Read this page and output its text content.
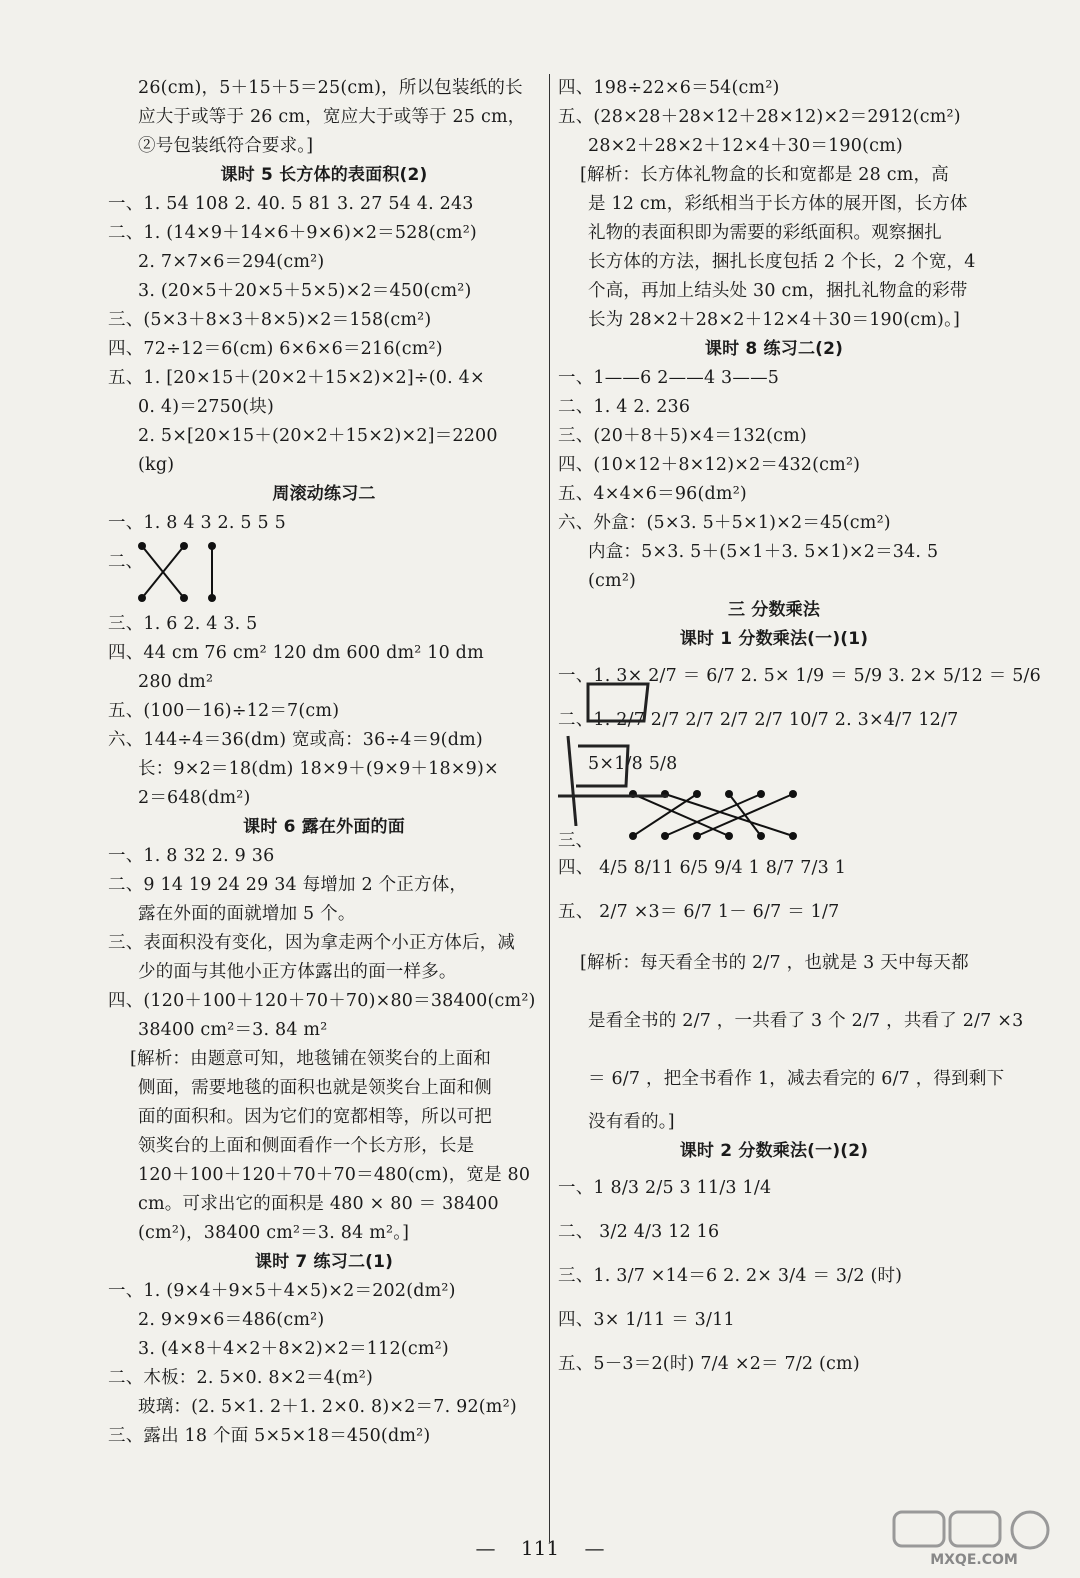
26(cm)，5＋15＋5＝25(cm)，所以包装纸的长
应大于或等于 26 cm，宽应大于或等于 25 cm，
②号包装纸符合要求。]
课时 5 长方体的表面积(2)
一、1. 54 108 2. 40. 5 81 3. 27 54 4. 243
二、1. (14×9＋14×6＋9×6)×2＝528(cm²)
2. 7×7×6＝294(cm²)
3. (20×5＋20×5＋5×5)×2＝450(cm²)
三、(5×3＋8×3＋8×5)×2＝158(cm²)
四、72÷12＝6(cm) 6×6×6＝216(cm²)
五、1. [20×15＋(20×2＋15×2)×2]÷(0. 4×
0. 4)＝2750(块)
2. 5×[20×15＋(20×2＋15×2)×2]＝2200
(kg)
周滚动练习二
一、1. 8 4 3 2. 5 5 5
二、
三、1. 6 2. 4 3. 5
四、44 cm 76 cm² 120 dm 600 dm² 10 dm
280 dm²
五、(100－16)÷12＝7(cm)
六、144÷4＝36(dm) 宽或高：36÷4＝9(dm)
长：9×2＝18(dm) 18×9＋(9×9＋18×9)×
2＝648(dm²)
课时 6 露在外面的面
一、1. 8 32 2. 9 36
二、9 14 19 24 29 34 每增加 2 个正方体，
露在外面的面就增加 5 个。
三、表面积没有变化，因为拿走两个小正方体后，减
少的面与其他小正方体露出的面一样多。
四、(120＋100＋120＋70＋70)×80＝38400(cm²)
38400 cm²＝3. 84 m²
[解析：由题意可知，地毯铺在领奖台的上面和
侧面，需要地毯的面积也就是领奖台上面和侧
面的面积和。因为它们的宽都相等，所以可把
领奖台的上面和侧面看作一个长方形，长是
120＋100＋120＋70＋70＝480(cm)，宽是 80
cm。可求出它的面积是 480 × 80 ＝ 38400
(cm²)，38400 cm²＝3. 84 m²。]
课时 7 练习二(1)
一、1. (9×4＋9×5＋4×5)×2＝202(dm²)
2. 9×9×6＝486(cm²)
3. (4×8＋4×2＋8×2)×2＝112(cm²)
二、木板：2. 5×0. 8×2＝4(m²)
玻璃：(2. 5×1. 2＋1. 2×0. 8)×2＝7. 92(m²)
三、露出 18 个面 5×5×18＝450(dm²)
四、198÷22×6＝54(cm²)
五、(28×28＋28×12＋28×12)×2＝2912(cm²)
28×2＋28×2＋12×4＋30＝190(cm)
[解析：长方体礼物盒的长和宽都是 28 cm，高
是 12 cm，彩纸相当于长方体的展开图，长方体
礼物的表面积即为需要的彩纸面积。观察捆扎
长方体的方法，捆扎长度包括 2 个长，2 个宽，4
个高，再加上结头处 30 cm，捆扎礼物盒的彩带
长为 28×2＋28×2＋12×4＋30＝190(cm)。]
课时 8 练习二(2)
一、1——6 2——4 3——5
二、1. 4 2. 236
三、(20＋8＋5)×4＝132(cm)
四、(10×12＋8×12)×2＝432(cm²)
五、4×4×6＝96(dm²)
六、外盒：(5×3. 5＋5×1)×2＝45(cm²)
内盒：5×3. 5＋(5×1＋3. 5×1)×2＝34. 5
(cm²)
三 分数乘法
课时 1 分数乘法(一)(1)
一、1. 3× 2/7 ＝ 6/7 2. 5× 1/9 ＝ 5/9 3. 2× 5/12 ＝ 5/6
二、1. 2/7 2/7 2/7 2/7 2/7 10/7 2. 3×4/7 12/7
5×1/8 5/8
三、
四、 4/5 8/11 6/5 9/4 1 8/7 7/3 1
五、 2/7 ×3＝ 6/7 1－ 6/7 ＝ 1/7
[解析：每天看全书的 2/7 ，也就是 3 天中每天都
是看全书的 2/7 ，一共看了 3 个 2/7 ，共看了 2/7 ×3
＝ 6/7 ，把全书看作 1，减去看完的 6/7 ，得到剩下
没有看的。]
课时 2 分数乘法(一)(2)
一、1 8/3 2/5 3 11/3 1/4
二、 3/2 4/3 12 16
三、1. 3/7 ×14＝6 2. 2× 3/4 ＝ 3/2 (时)
四、3× 1/11 ＝ 3/11
五、5－3＝2(时) 7/4 ×2＝ 7/2 (cm)
— 111 —	MXQE.COM
